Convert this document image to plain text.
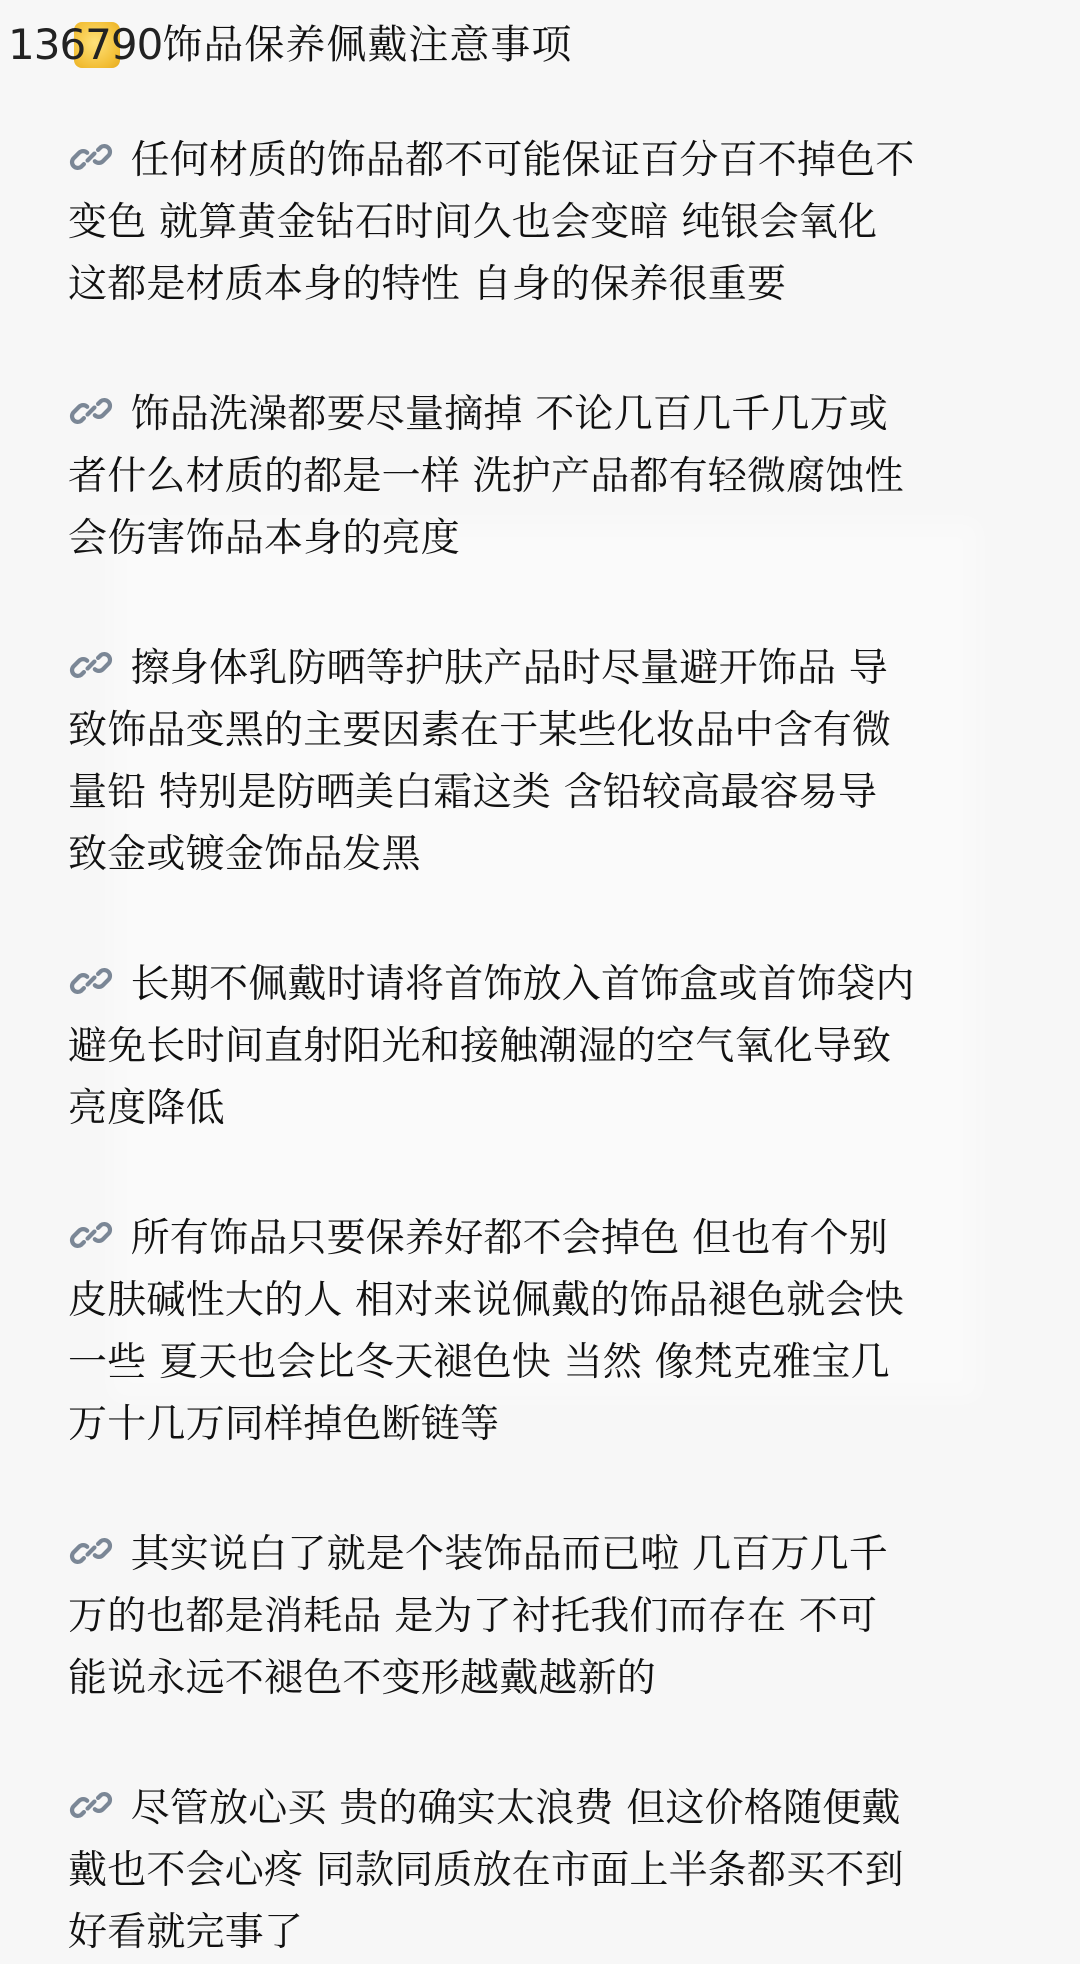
136790 饰品保养佩戴注意事项

任何材质的饰品都不可能保证百分百不掉色不
变色 就算黄金钻石时间久也会变暗 纯银会氧化
这都是材质本身的特性 自身的保养很重要

饰品洗澡都要尽量摘掉 不论几百几千几万或
者什么材质的都是一样 洗护产品都有轻微腐蚀性
会伤害饰品本身的亮度

擦身体乳防晒等护肤产品时尽量避开饰品 导
致饰品变黑的主要因素在于某些化妆品中含有微
量铅 特别是防晒美白霜这类 含铅较高最容易导
致金或镀金饰品发黑

长期不佩戴时请将首饰放入首饰盒或首饰袋内
避免长时间直射阳光和接触潮湿的空气氧化导致
亮度降低

所有饰品只要保养好都不会掉色 但也有个别
皮肤碱性大的人 相对来说佩戴的饰品褪色就会快
一些 夏天也会比冬天褪色快 当然 像梵克雅宝几
万十几万同样掉色断链等

其实说白了就是个装饰品而已啦 几百万几千
万的也都是消耗品 是为了衬托我们而存在 不可
能说永远不褪色不变形越戴越新的

尽管放心买 贵的确实太浪费 但这价格随便戴
戴也不会心疼 同款同质放在市面上半条都买不到
好看就完事了
